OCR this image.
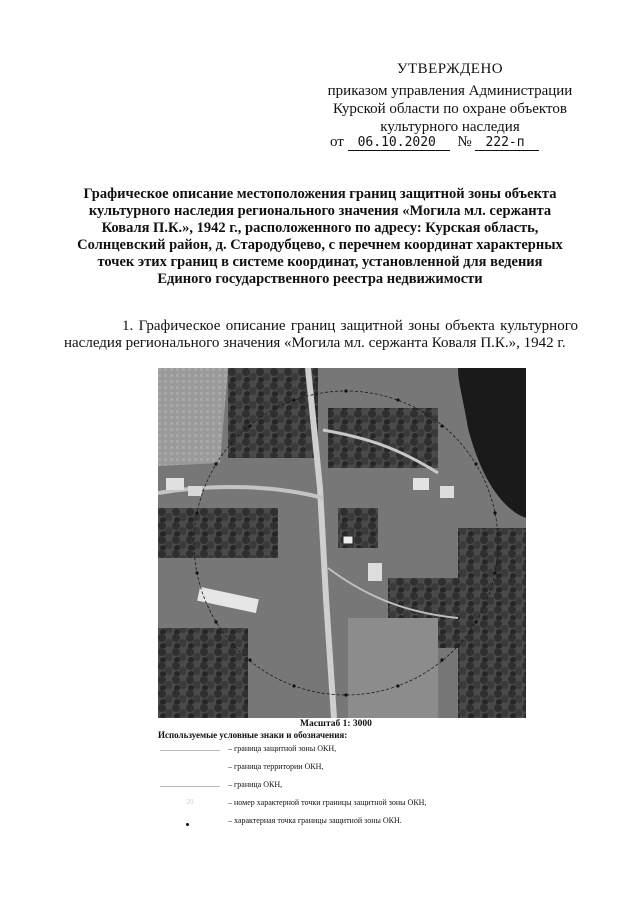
УТВЕРЖДЕНО
приказом управления Администрации
Курской области по охране объектов
культурного наследия
от 06.10.2020 № 222-п
Графическое описание местоположения границ защитной зоны объекта культурного наследия регионального значения «Могила мл. сержанта Коваля П.К.», 1942 г., расположенного по адресу: Курская область, Солнцевский район, д. Стародубцево, с перечнем координат характерных точек этих границ в системе координат, установленной для ведения Единого государственного реестра недвижимости
1. Графическое описание границ защитной зоны объекта культурного наследия регионального значения «Могила мл. сержанта Коваля П.К.», 1942 г.
Масштаб 1: 3000
Используемые условные знаки и обозначения:
– граница защитной зоны ОКН,
– граница территории ОКН,
– граница ОКН,
20	– номер характерной точки границы защитной зоны ОКН,
– характерная точка границы защитной зоны ОКН.
